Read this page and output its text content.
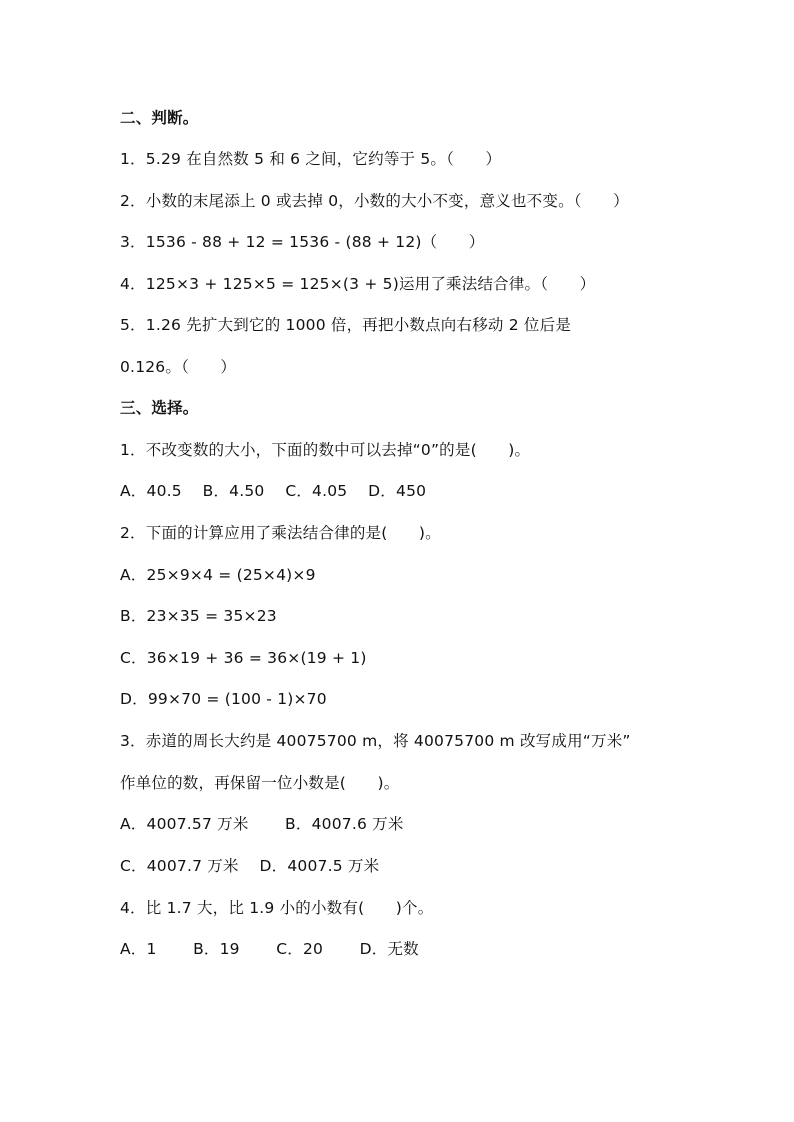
二、判断。
1．5.29 在自然数 5 和 6 之间，它约等于 5。（　　）
2．小数的末尾添上 0 或去掉 0，小数的大小不变，意义也不变。（　　）
3．1536 - 88 + 12 = 1536 - (88 + 12)（　　）
4．125×3 + 125×5 = 125×(3 + 5)运用了乘法结合律。（　　）
5．1.26 先扩大到它的 1000 倍，再把小数点向右移动 2 位后是
0.126。（　　）
三、选择。
1．不改变数的大小，下面的数中可以去掉“0”的是(　　)。
A．40.5　 B．4.50　 C．4.05　 D．450
2．下面的计算应用了乘法结合律的是(　　)。
A．25×9×4 = (25×4)×9
B．23×35 = 35×23
C．36×19 + 36 = 36×(19 + 1)
D．99×70 = (100 - 1)×70
3．赤道的周长大约是 40075700 m，将 40075700 m 改写成用“万米”
作单位的数，再保留一位小数是(　　)。
A．4007.57 万米　　 B．4007.6 万米
C．4007.7 万米　 D．4007.5 万米
4．比 1.7 大，比 1.9 小的小数有(　　)个。
A．1　　 B．19　　 C．20　　 D．无数
